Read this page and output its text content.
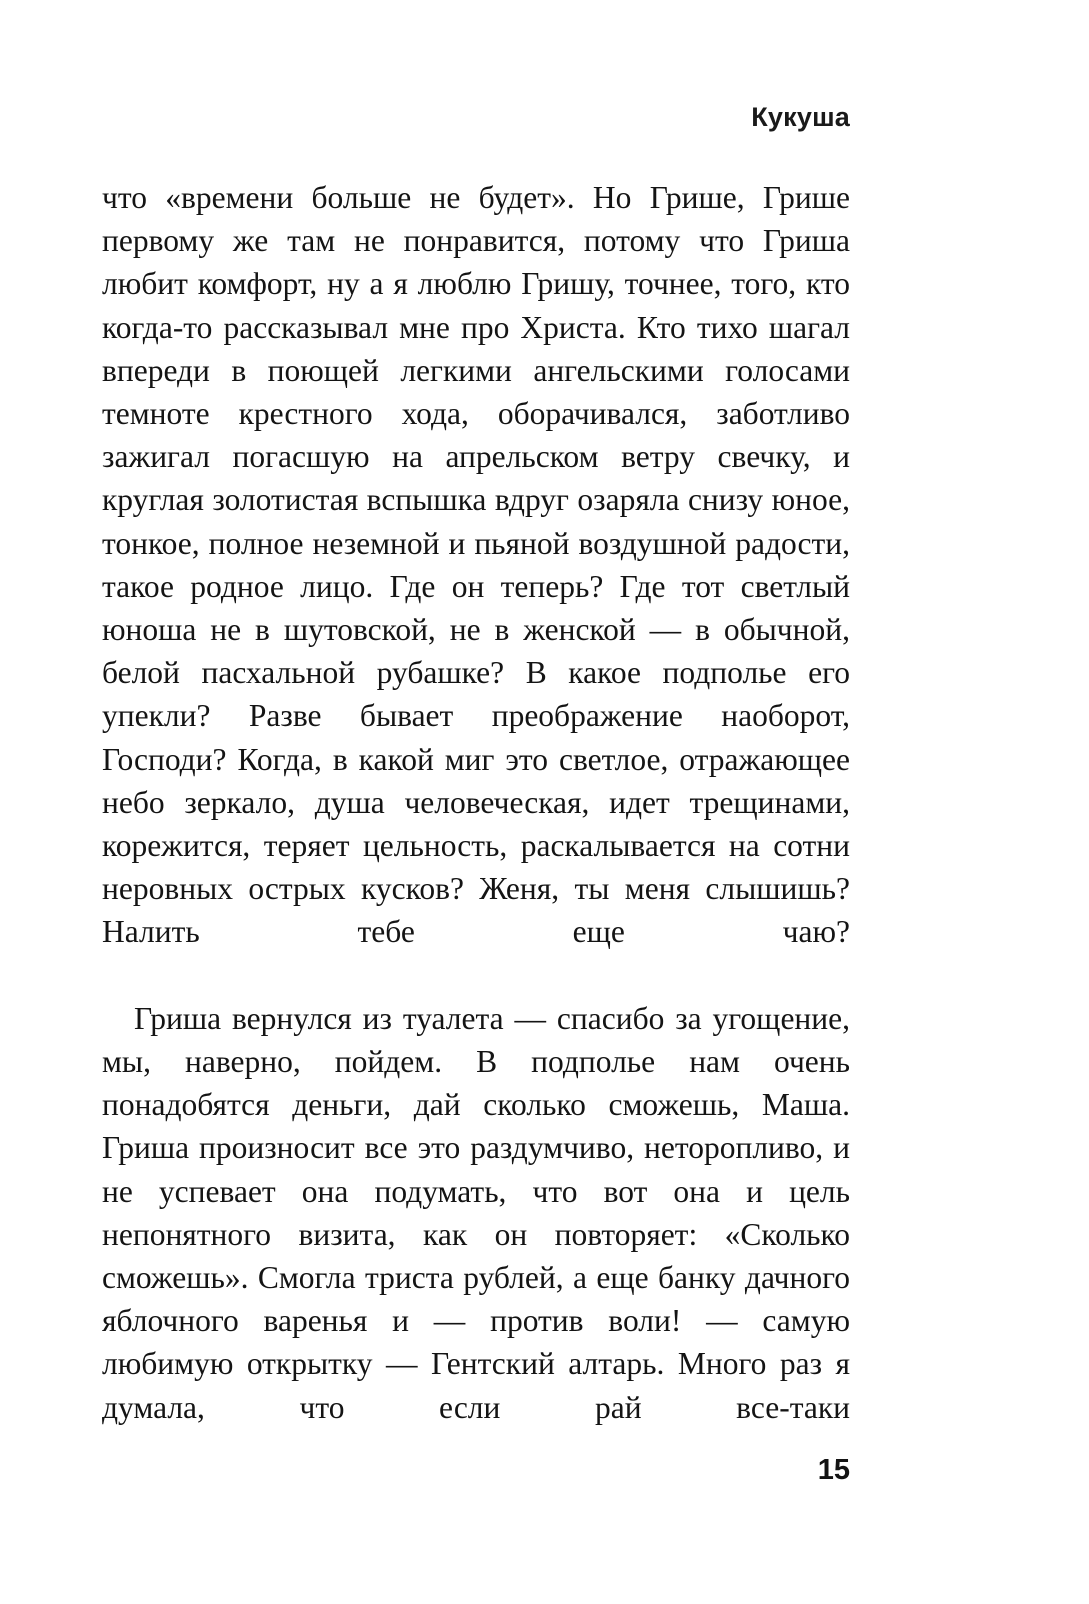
Кукуша

что «времени больше не будет». Но Грише, Грише первому же там не понравится, потому что Гриша любит комфорт, ну а я люблю Гришу, точнее, того, кто когда-то рассказывал мне про Христа. Кто тихо шагал впереди в поющей легкими ангельскими голосами темноте крестного хода, оборачивался, заботливо зажигал погасшую на апрельском ветру свечку, и круглая золотистая вспышка вдруг озаряла снизу юное, тонкое, полное неземной и пьяной воздушной радости, такое родное лицо. Где он теперь? Где тот светлый юноша не в шутовской, не в женской — в обычной, белой пасхальной рубашке? В какое подполье его упекли? Разве бывает преображение наоборот, Господи? Когда, в какой миг это светлое, отражающее небо зеркало, душа человеческая, идет трещинами, корежится, теряет цельность, раскалывается на сотни неровных острых кусков? Женя, ты меня слышишь? Налить тебе еще чаю?

Гриша вернулся из туалета — спасибо за угощение, мы, наверно, пойдем. В подполье нам очень понадобятся деньги, дай сколько сможешь, Маша. Гриша произносит все это раздумчиво, неторопливо, и не успевает она подумать, что вот она и цель непонятного визита, как он повторяет: «Сколько сможешь». Смогла триста рублей, а еще банку дачного яблочного варенья и — против воли! — самую любимую открытку — Гентский алтарь. Много раз я думала, что если рай все-таки

15
